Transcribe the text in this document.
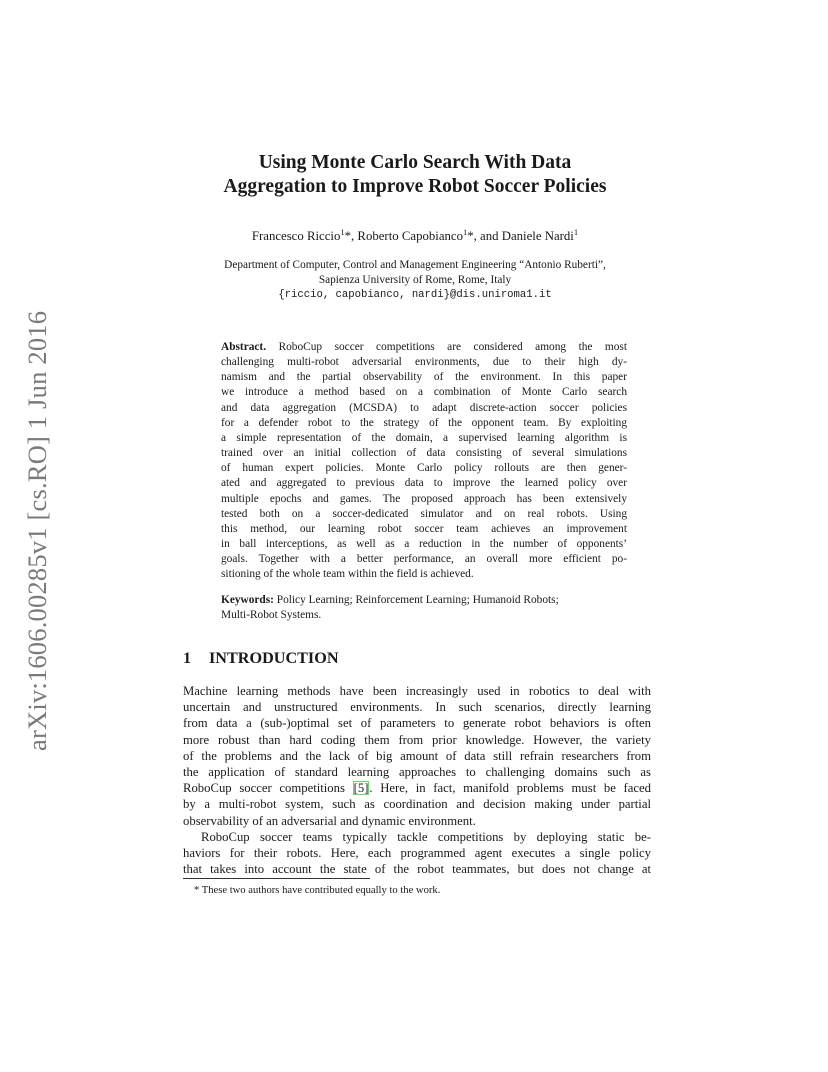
arXiv:1606.00285v1 [cs.RO] 1 Jun 2016
Using Monte Carlo Search With Data
Aggregation to Improve Robot Soccer Policies
Francesco Riccio$^1$*, Roberto Capobianco$^1$*, and Daniele Nardi$^1$
Department of Computer, Control and Management Engineering “Antonio Ruberti”,
Sapienza University of Rome, Rome, Italy
{riccio, capobianco, nardi}@dis.uniroma1.it
Abstract. RoboCup soccer competitions are considered among the most
challenging multi-robot adversarial environments, due to their high dy-
namism and the partial observability of the environment. In this paper
we introduce a method based on a combination of Monte Carlo search
and data aggregation (MCSDA) to adapt discrete-action soccer policies
for a defender robot to the strategy of the opponent team. By exploiting
a simple representation of the domain, a supervised learning algorithm is
trained over an initial collection of data consisting of several simulations
of human expert policies. Monte Carlo policy rollouts are then gener-
ated and aggregated to previous data to improve the learned policy over
multiple epochs and games. The proposed approach has been extensively
tested both on a soccer-dedicated simulator and on real robots. Using
this method, our learning robot soccer team achieves an improvement
in ball interceptions, as well as a reduction in the number of opponents’
goals. Together with a better performance, an overall more efficient po-
sitioning of the whole team within the field is achieved.
Keywords: Policy Learning; Reinforcement Learning; Humanoid Robots;
Multi-Robot Systems.
1 INTRODUCTION
Machine learning methods have been increasingly used in robotics to deal with
uncertain and unstructured environments. In such scenarios, directly learning
from data a (sub-)optimal set of parameters to generate robot behaviors is often
more robust than hard coding them from prior knowledge. However, the variety
of the problems and the lack of big amount of data still refrain researchers from
the application of standard learning approaches to challenging domains such as
RoboCup soccer competitions [5]. Here, in fact, manifold problems must be faced
by a multi-robot system, such as coordination and decision making under partial
observability of an adversarial and dynamic environment.
RoboCup soccer teams typically tackle competitions by deploying static be-
haviors for their robots. Here, each programmed agent executes a single policy
that takes into account the state of the robot teammates, but does not change at
* These two authors have contributed equally to the work.
